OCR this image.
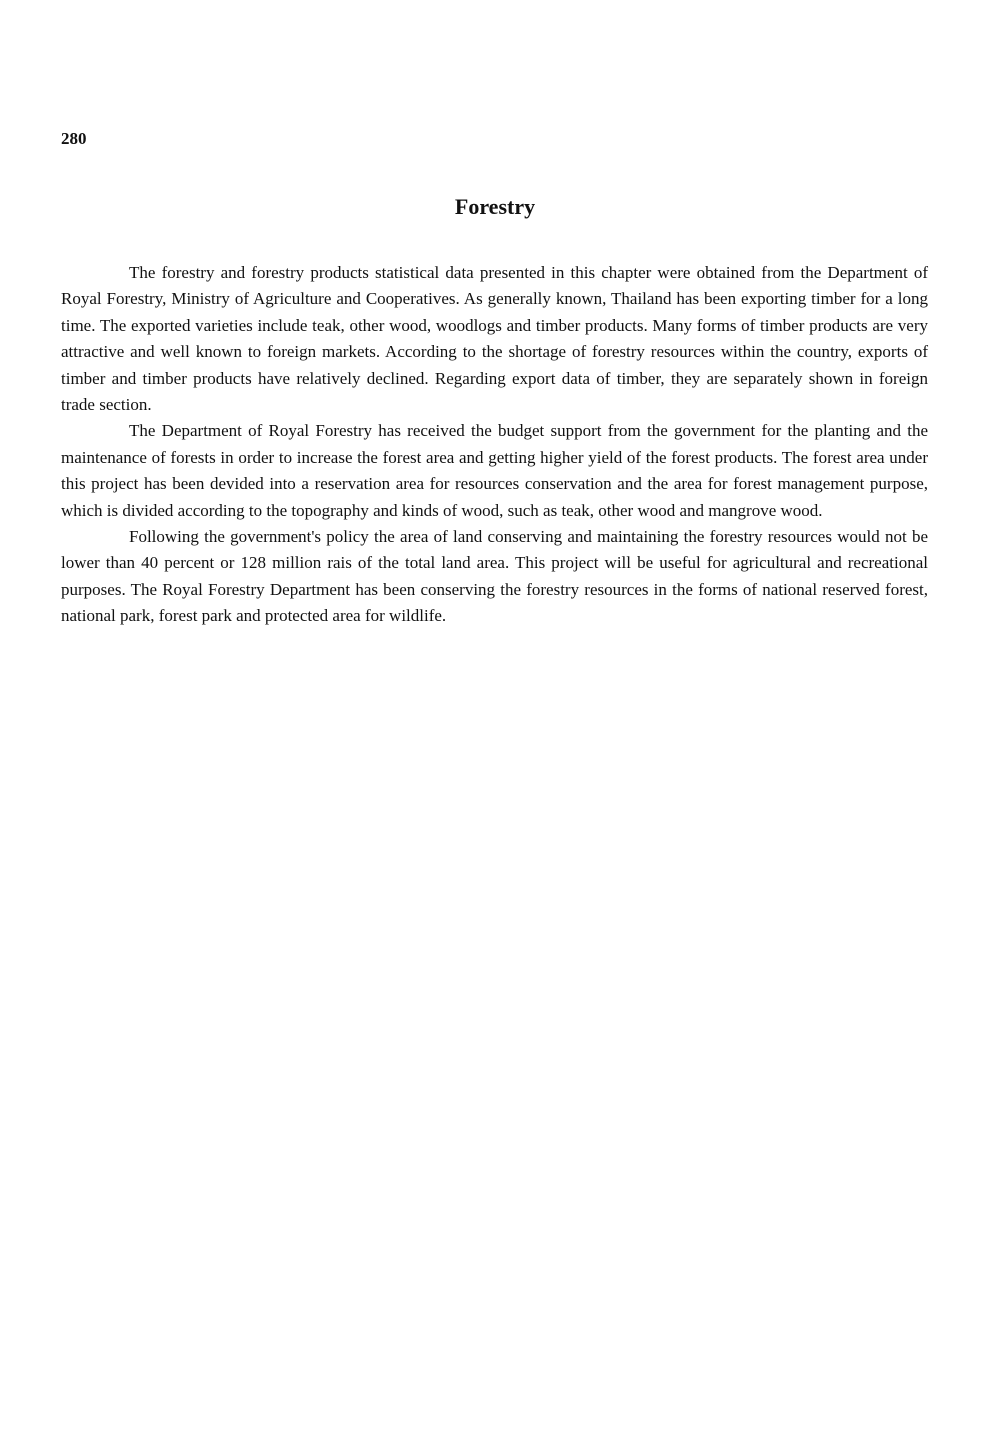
280
Forestry

The forestry and forestry products statistical data presented in this chapter were obtained from the Department of Royal Forestry, Ministry of Agriculture and Cooperatives. As generally known, Thailand has been exporting timber for a long time. The exported varieties include teak, other wood, woodlogs and timber products. Many forms of timber products are very attractive and well known to foreign markets. According to the shortage of forestry resources within the country, exports of timber and timber products have relatively declined. Regarding export data of timber, they are separately shown in foreign trade section.

The Department of Royal Forestry has received the budget support from the government for the planting and the maintenance of forests in order to increase the forest area and getting higher yield of the forest products. The forest area under this project has been devided into a reservation area for resources conservation and the area for forest management purpose, which is divided according to the topography and kinds of wood, such as teak, other wood and mangrove wood.

Following the government's policy the area of land conserving and maintaining the forestry resources would not be lower than 40 percent or 128 million rais of the total land area. This project will be useful for agricultural and recreational purposes. The Royal Forestry Department has been conserving the forestry resources in the forms of national reserved forest, national park, forest park and protected area for wildlife.
